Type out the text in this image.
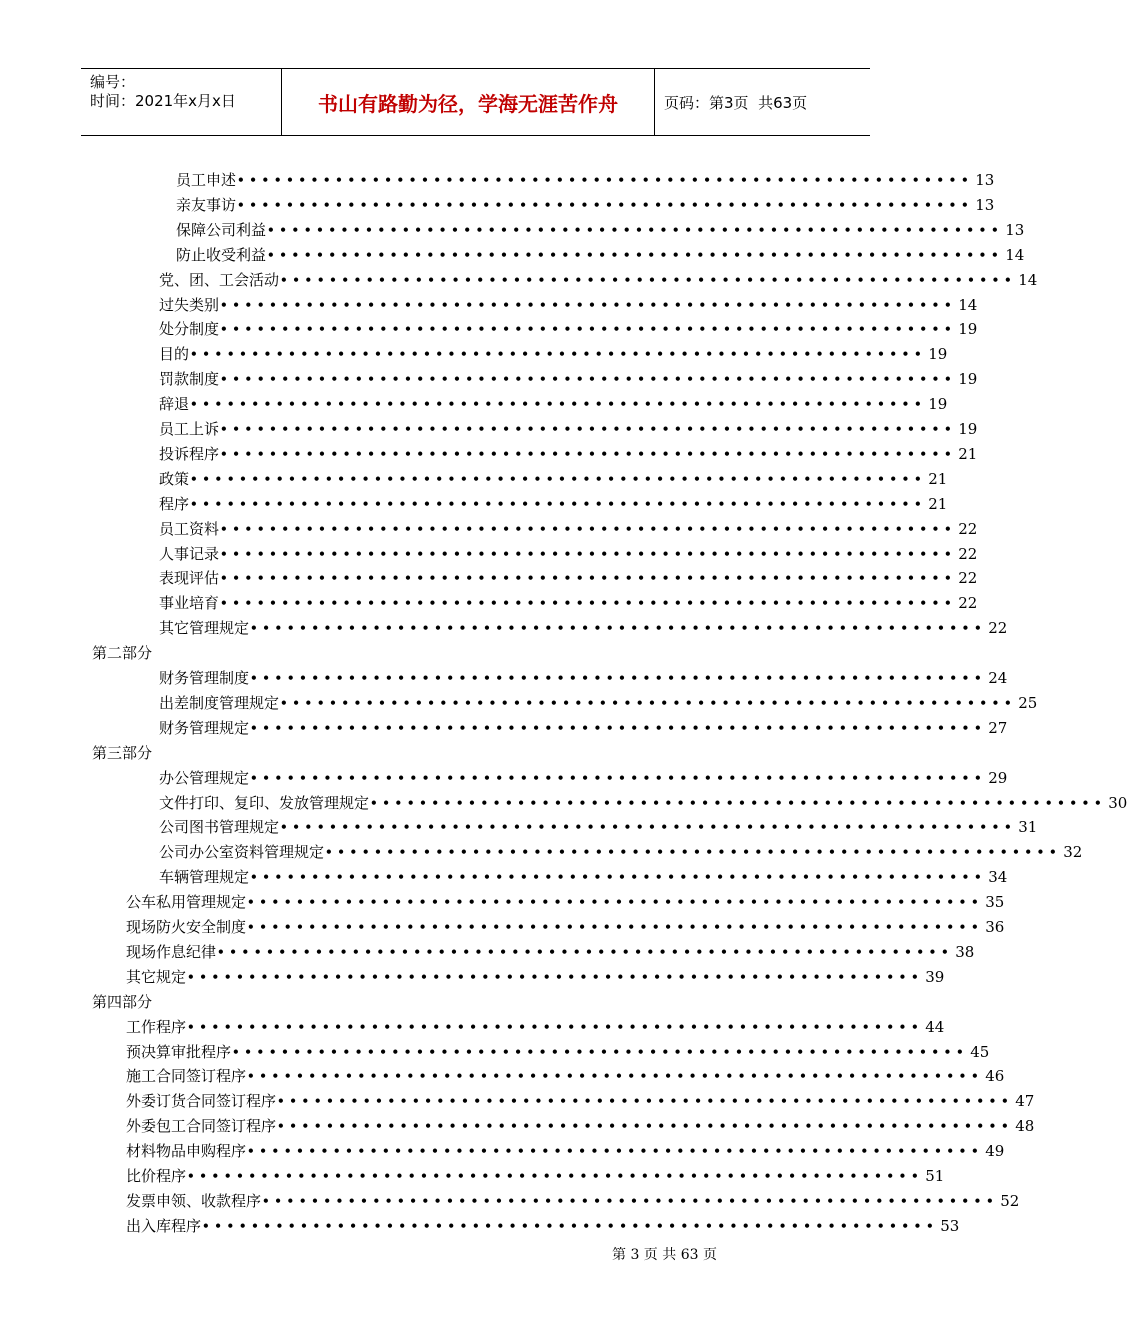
编号：
时间：2021年x月x日	书山有路勤为径，学海无涯苦作舟	页码：第3页  共63页
员工申述 •••••••••••••••••••••••••••••••••••••••••••••••••••••••••••• 13
亲友事访 •••••••••••••••••••••••••••••••••••••••••••••••••••••••••••• 13
保障公司利益 •••••••••••••••••••••••••••••••••••••••••••••••••••••••••••• 13
防止收受利益 •••••••••••••••••••••••••••••••••••••••••••••••••••••••••••• 14
党、团、工会活动 •••••••••••••••••••••••••••••••••••••••••••••••••••••••••••• 14
过失类别 •••••••••••••••••••••••••••••••••••••••••••••••••••••••••••• 14
处分制度 •••••••••••••••••••••••••••••••••••••••••••••••••••••••••••• 19
目的 •••••••••••••••••••••••••••••••••••••••••••••••••••••••••••• 19
罚款制度 •••••••••••••••••••••••••••••••••••••••••••••••••••••••••••• 19
辞退 •••••••••••••••••••••••••••••••••••••••••••••••••••••••••••• 19
员工上诉 •••••••••••••••••••••••••••••••••••••••••••••••••••••••••••• 19
投诉程序 •••••••••••••••••••••••••••••••••••••••••••••••••••••••••••• 21
政策 •••••••••••••••••••••••••••••••••••••••••••••••••••••••••••• 21
程序 •••••••••••••••••••••••••••••••••••••••••••••••••••••••••••• 21
员工资料 •••••••••••••••••••••••••••••••••••••••••••••••••••••••••••• 22
人事记录 •••••••••••••••••••••••••••••••••••••••••••••••••••••••••••• 22
表现评估 •••••••••••••••••••••••••••••••••••••••••••••••••••••••••••• 22
事业培育 •••••••••••••••••••••••••••••••••••••••••••••••••••••••••••• 22
其它管理规定 •••••••••••••••••••••••••••••••••••••••••••••••••••••••••••• 22
第二部分
财务管理制度 •••••••••••••••••••••••••••••••••••••••••••••••••••••••••••• 24
出差制度管理规定 •••••••••••••••••••••••••••••••••••••••••••••••••••••••••••• 25
财务管理规定 •••••••••••••••••••••••••••••••••••••••••••••••••••••••••••• 27
第三部分
办公管理规定 •••••••••••••••••••••••••••••••••••••••••••••••••••••••••••• 29
文件打印、复印、发放管理规定 •••••••••••••••••••••••••••••••••••••••••••••••••••••••••••• 30
公司图书管理规定 •••••••••••••••••••••••••••••••••••••••••••••••••••••••••••• 31
公司办公室资料管理规定 •••••••••••••••••••••••••••••••••••••••••••••••••••••••••••• 32
车辆管理规定 •••••••••••••••••••••••••••••••••••••••••••••••••••••••••••• 34
公车私用管理规定 •••••••••••••••••••••••••••••••••••••••••••••••••••••••••••• 35
现场防火安全制度 •••••••••••••••••••••••••••••••••••••••••••••••••••••••••••• 36
现场作息纪律 •••••••••••••••••••••••••••••••••••••••••••••••••••••••••••• 38
其它规定 •••••••••••••••••••••••••••••••••••••••••••••••••••••••••••• 39
第四部分
工作程序 •••••••••••••••••••••••••••••••••••••••••••••••••••••••••••• 44
预决算审批程序 •••••••••••••••••••••••••••••••••••••••••••••••••••••••••••• 45
施工合同签订程序 •••••••••••••••••••••••••••••••••••••••••••••••••••••••••••• 46
外委订货合同签订程序 •••••••••••••••••••••••••••••••••••••••••••••••••••••••••••• 47
外委包工合同签订程序 •••••••••••••••••••••••••••••••••••••••••••••••••••••••••••• 48
材料物品申购程序 •••••••••••••••••••••••••••••••••••••••••••••••••••••••••••• 49
比价程序 •••••••••••••••••••••••••••••••••••••••••••••••••••••••••••• 51
发票申领、收款程序 •••••••••••••••••••••••••••••••••••••••••••••••••••••••••••• 52
出入库程序 •••••••••••••••••••••••••••••••••••••••••••••••••••••••••••• 53
第 3 页 共 63 页
